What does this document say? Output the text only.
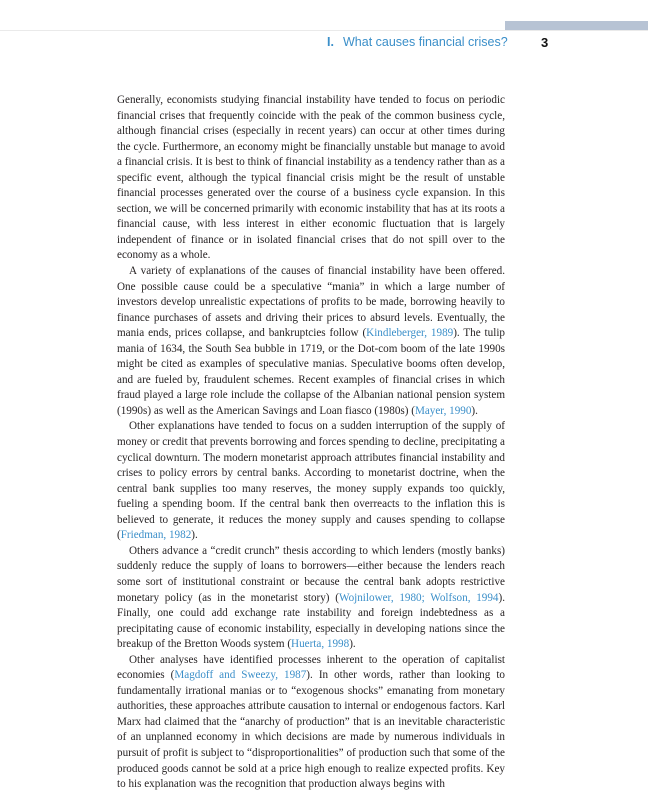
I. What causes financial crises?	3

Generally, economists studying financial instability have tended to focus on periodic financial crises that frequently coincide with the peak of the common business cycle, although financial crises (especially in recent years) can occur at other times during the cycle. Furthermore, an economy might be financially unstable but manage to avoid a financial crisis. It is best to think of financial instability as a tendency rather than as a specific event, although the typical financial crisis might be the result of unstable financial processes generated over the course of a business cycle expansion. In this section, we will be concerned primarily with economic instability that has at its roots a financial cause, with less interest in either economic fluctuation that is largely independent of finance or in isolated financial crises that do not spill over to the economy as a whole.

A variety of explanations of the causes of financial instability have been offered. One possible cause could be a speculative “mania” in which a large number of investors develop unrealistic expectations of profits to be made, borrowing heavily to finance purchases of assets and driving their prices to absurd levels. Eventually, the mania ends, prices collapse, and bankruptcies follow (Kindleberger, 1989). The tulip mania of 1634, the South Sea bubble in 1719, or the Dot-com boom of the late 1990s might be cited as examples of speculative manias. Speculative booms often develop, and are fueled by, fraudulent schemes. Recent examples of financial crises in which fraud played a large role include the collapse of the Albanian national pension system (1990s) as well as the American Savings and Loan fiasco (1980s) (Mayer, 1990).

Other explanations have tended to focus on a sudden interruption of the supply of money or credit that prevents borrowing and forces spending to decline, precipitating a cyclical downturn. The modern monetarist approach attributes financial instability and crises to policy errors by central banks. According to monetarist doctrine, when the central bank supplies too many reserves, the money supply expands too quickly, fueling a spending boom. If the central bank then overreacts to the inflation this is believed to generate, it reduces the money supply and causes spending to collapse (Friedman, 1982).

Others advance a “credit crunch” thesis according to which lenders (mostly banks) suddenly reduce the supply of loans to borrowers—either because the lenders reach some sort of institutional constraint or because the central bank adopts restrictive monetary policy (as in the monetarist story) (Wojnilower, 1980; Wolfson, 1994). Finally, one could add exchange rate instability and foreign indebtedness as a precipitating cause of economic instability, especially in developing nations since the breakup of the Bretton Woods system (Huerta, 1998).

Other analyses have identified processes inherent to the operation of capitalist economies (Magdoff and Sweezy, 1987). In other words, rather than looking to fundamentally irrational manias or to “exogenous shocks” emanating from monetary authorities, these approaches attribute causation to internal or endogenous factors. Karl Marx had claimed that the “anarchy of production” that is an inevitable characteristic of an unplanned economy in which decisions are made by numerous individuals in pursuit of profit is subject to “disproportionalities” of production such that some of the produced goods cannot be sold at a price high enough to realize expected profits. Key to his explanation was the recognition that production always begins with
